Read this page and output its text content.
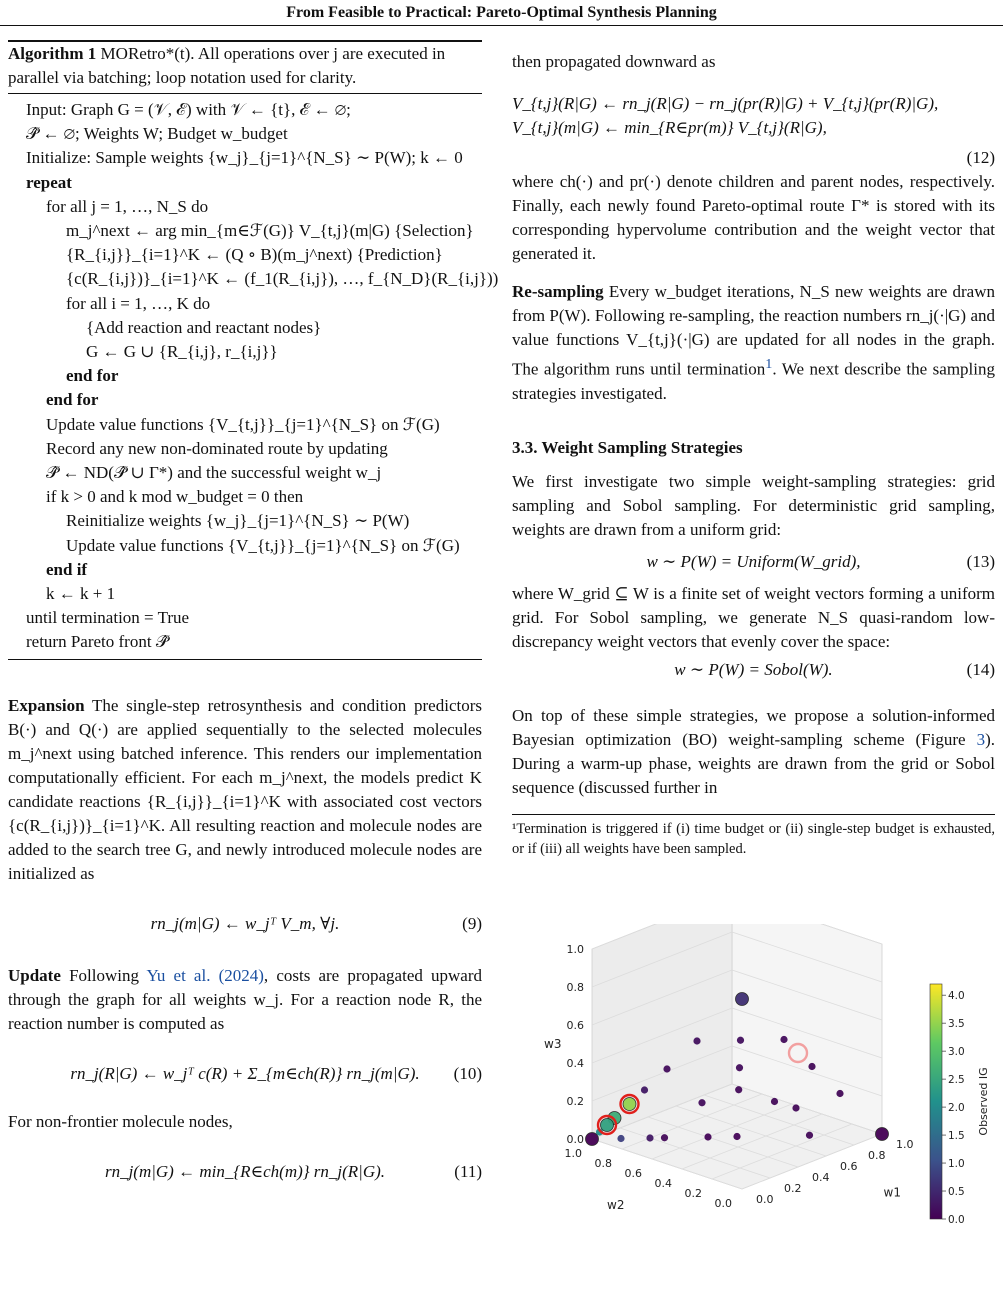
From Feasible to Practical: Pareto-Optimal Synthesis Planning
Algorithm 1 MORetro*(t). All operations over j are executed in parallel via batching; loop notation used for clarity.
Input: Graph G = (𝒱, ℰ) with 𝒱 ← {t}, ℰ ← ∅;
𝒫̂ ← ∅; Weights W; Budget w_budget
Initialize: Sample weights {w_j}_{j=1}^{N_S} ∼ P(W); k ← 0
repeat
for all j = 1, …, N_S do
m_j^next ← arg min_{m∈ℱ(G)} V_{t,j}(m|G) {Selection}
{R_{i,j}}_{i=1}^K ← (Q ∘ B)(m_j^next) {Prediction}
{c(R_{i,j})}_{i=1}^K ← (f_1(R_{i,j}), …, f_{N_D}(R_{i,j}))
for all i = 1, …, K do
{Add reaction and reactant nodes}
G ← G ∪ {R_{i,j}, r_{i,j}}
end for
end for
Update value functions {V_{t,j}}_{j=1}^{N_S} on ℱ(G)
Record any new non-dominated route by updating
𝒫̂ ← ND(𝒫̂ ∪ Γ*) and the successful weight w_j
if k > 0 and k mod w_budget = 0 then
Reinitialize weights {w_j}_{j=1}^{N_S} ∼ P(W)
Update value functions {V_{t,j}}_{j=1}^{N_S} on ℱ(G)
end if
k ← k + 1
until termination = True
return Pareto front 𝒫̂

Expansion The single-step retrosynthesis and condition predictors B(·) and Q(·) are applied sequentially to the selected molecules m_j^next using batched inference. This renders our implementation computationally efficient. For each m_j^next, the models predict K candidate reactions {R_{i,j}}_{i=1}^K with associated cost vectors {c(R_{i,j})}_{i=1}^K. All resulting reaction and molecule nodes are added to the search tree G, and newly introduced molecule nodes are initialized as

rn_j(m|G) ← w_jᵀ V_m, ∀j.	(9)

Update Following Yu et al. (2024), costs are propagated upward through the graph for all weights w_j. For a reaction node R, the reaction number is computed as

rn_j(R|G) ← w_jᵀ c(R) + Σ_{m∈ch(R)} rn_j(m|G).	(10)

For non-frontier molecule nodes,

rn_j(m|G) ← min_{R∈ch(m)} rn_j(R|G).	(11)

then propagated downward as

V_{t,j}(R|G) ← rn_j(R|G) − rn_j(pr(R)|G) + V_{t,j}(pr(R)|G),
V_{t,j}(m|G) ← min_{R∈pr(m)} V_{t,j}(R|G),
(12)

where ch(·) and pr(·) denote children and parent nodes, respectively. Finally, each newly found Pareto-optimal route Γ* is stored with its corresponding hypervolume contribution and the weight vector that generated it.

Re-sampling Every w_budget iterations, N_S new weights are drawn from P(W). Following re-sampling, the reaction numbers rn_j(·|G) and value functions V_{t,j}(·|G) are updated for all nodes in the graph. The algorithm runs until termination$^1$. We next describe the sampling strategies investigated.

3.3. Weight Sampling Strategies

We first investigate two simple weight-sampling strategies: grid sampling and Sobol sampling. For deterministic grid sampling, weights are drawn from a uniform grid:

w ∼ P(W) = Uniform(W_grid),	(13)

where W_grid ⊆ W is a finite set of weight vectors forming a uniform grid. For Sobol sampling, we generate N_S quasi-random low-discrepancy weight vectors that evenly cover the space:

w ∼ P(W) = Sobol(W).	(14)

On top of these simple strategies, we propose a solution-informed Bayesian optimization (BO) weight-sampling scheme (Figure 3). During a warm-up phase, weights are drawn from the grid or Sobol sequence (discussed further in

¹Termination is triggered if (i) time budget or (ii) single-step budget is exhausted, or if (iii) all weights have been sampled.
0.0
0.2
0.4
0.6
0.8
1.0
0.0
0.2
0.4
0.6
0.8
1.0
0.0
0.2
0.4
0.6
0.8
1.0
w1
w2
w3
0.0
0.5
1.0
1.5
2.0
2.5
3.0
3.5
4.0
Observed IG
